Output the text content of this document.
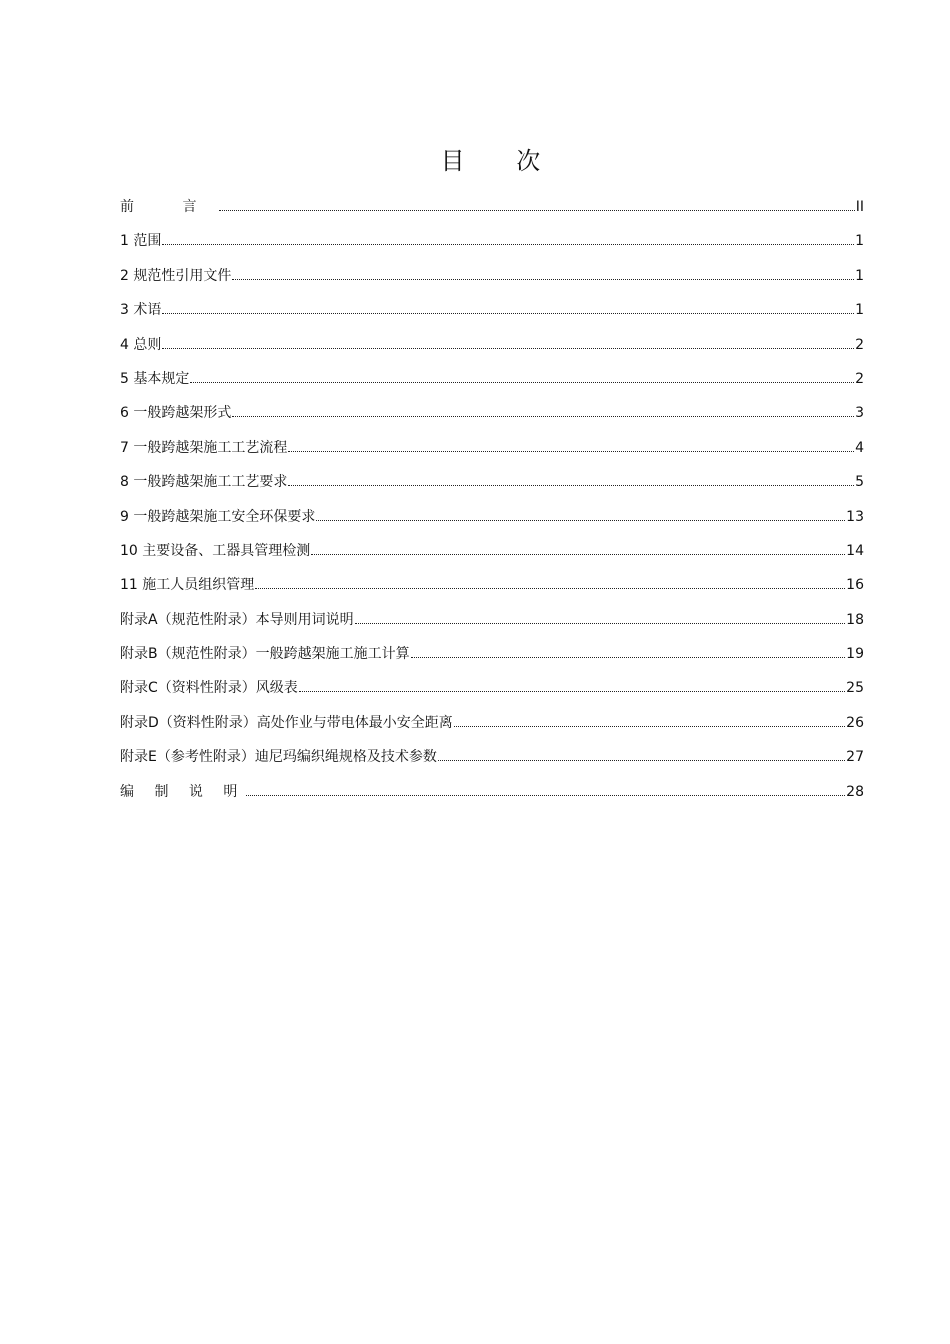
目 次
前 言	II
1 范围	1
2 规范性引用文件	1
3 术语	1
4 总则	2
5 基本规定	2
6 一般跨越架形式	3
7 一般跨越架施工工艺流程	4
8 一般跨越架施工工艺要求	5
9 一般跨越架施工安全环保要求	13
10 主要设备、工器具管理检测	14
11 施工人员组织管理	16
附录A（规范性附录）本导则用词说明	18
附录B（规范性附录）一般跨越架施工施工计算	19
附录C（资料性附录）风级表	25
附录D（资料性附录）高处作业与带电体最小安全距离	26
附录E（参考性附录）迪尼玛编织绳规格及技术参数	27
编 制 说 明	28
